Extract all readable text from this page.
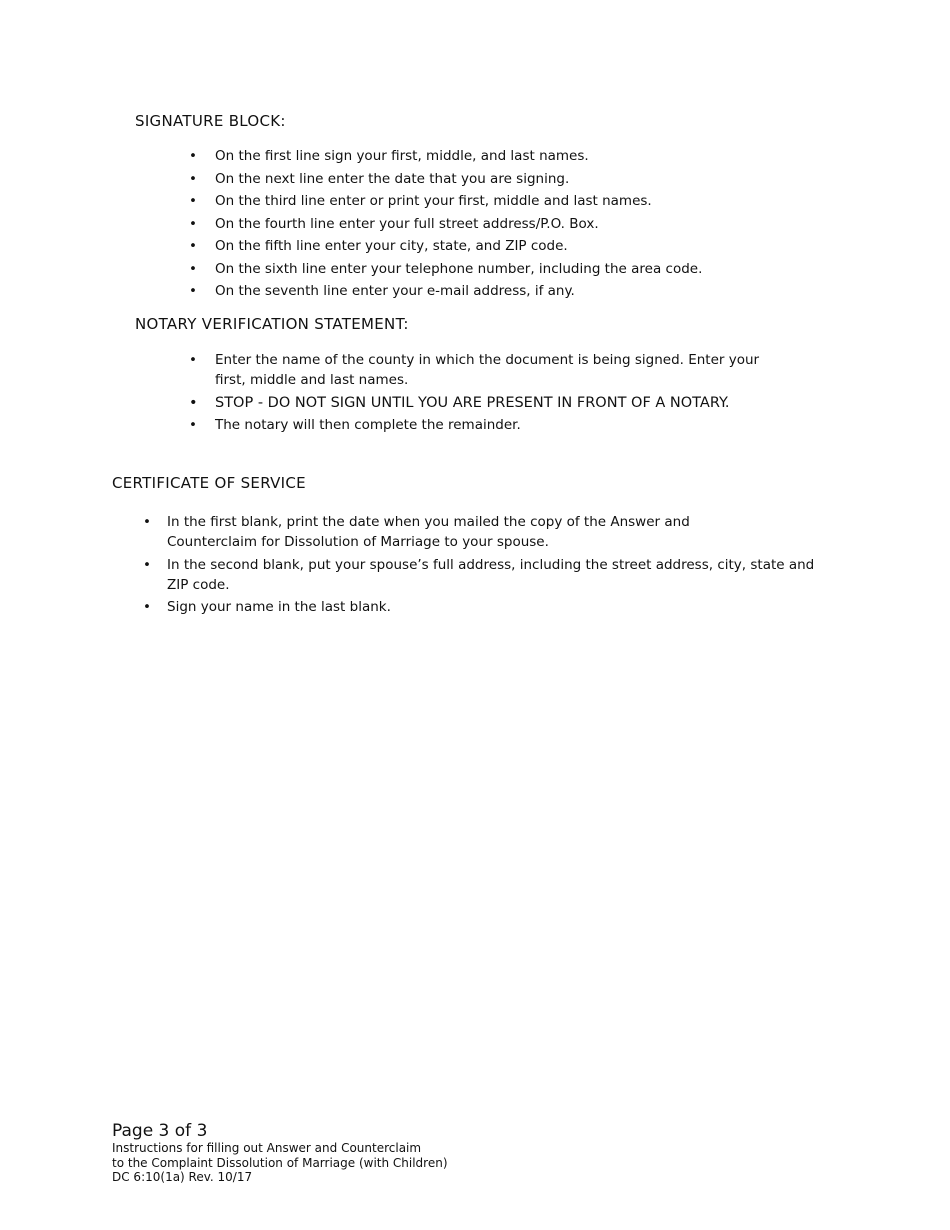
SIGNATURE BLOCK:
• On the first line sign your first, middle, and last names.
• On the next line enter the date that you are signing.
• On the third line enter or print your first, middle and last names.
• On the fourth line enter your full street address/P.O. Box.
• On the fifth line enter your city, state, and ZIP code.
• On the sixth line enter your telephone number, including the area code.
• On the seventh line enter your e-mail address, if any.
NOTARY VERIFICATION STATEMENT:
• Enter the name of the county in which the document is being signed. Enter your first, middle and last names.
• STOP - DO NOT SIGN UNTIL YOU ARE PRESENT IN FRONT OF A NOTARY.
• The notary will then complete the remainder.
CERTIFICATE OF SERVICE
• In the first blank, print the date when you mailed the copy of the Answer and Counterclaim for Dissolution of Marriage to your spouse.
• In the second blank, put your spouse’s full address, including the street address, city, state and ZIP code.
• Sign your name in the last blank.
Page 3 of 3
Instructions for filling out Answer and Counterclaim
to the Complaint Dissolution of Marriage (with Children)
DC 6:10(1a) Rev. 10/17
